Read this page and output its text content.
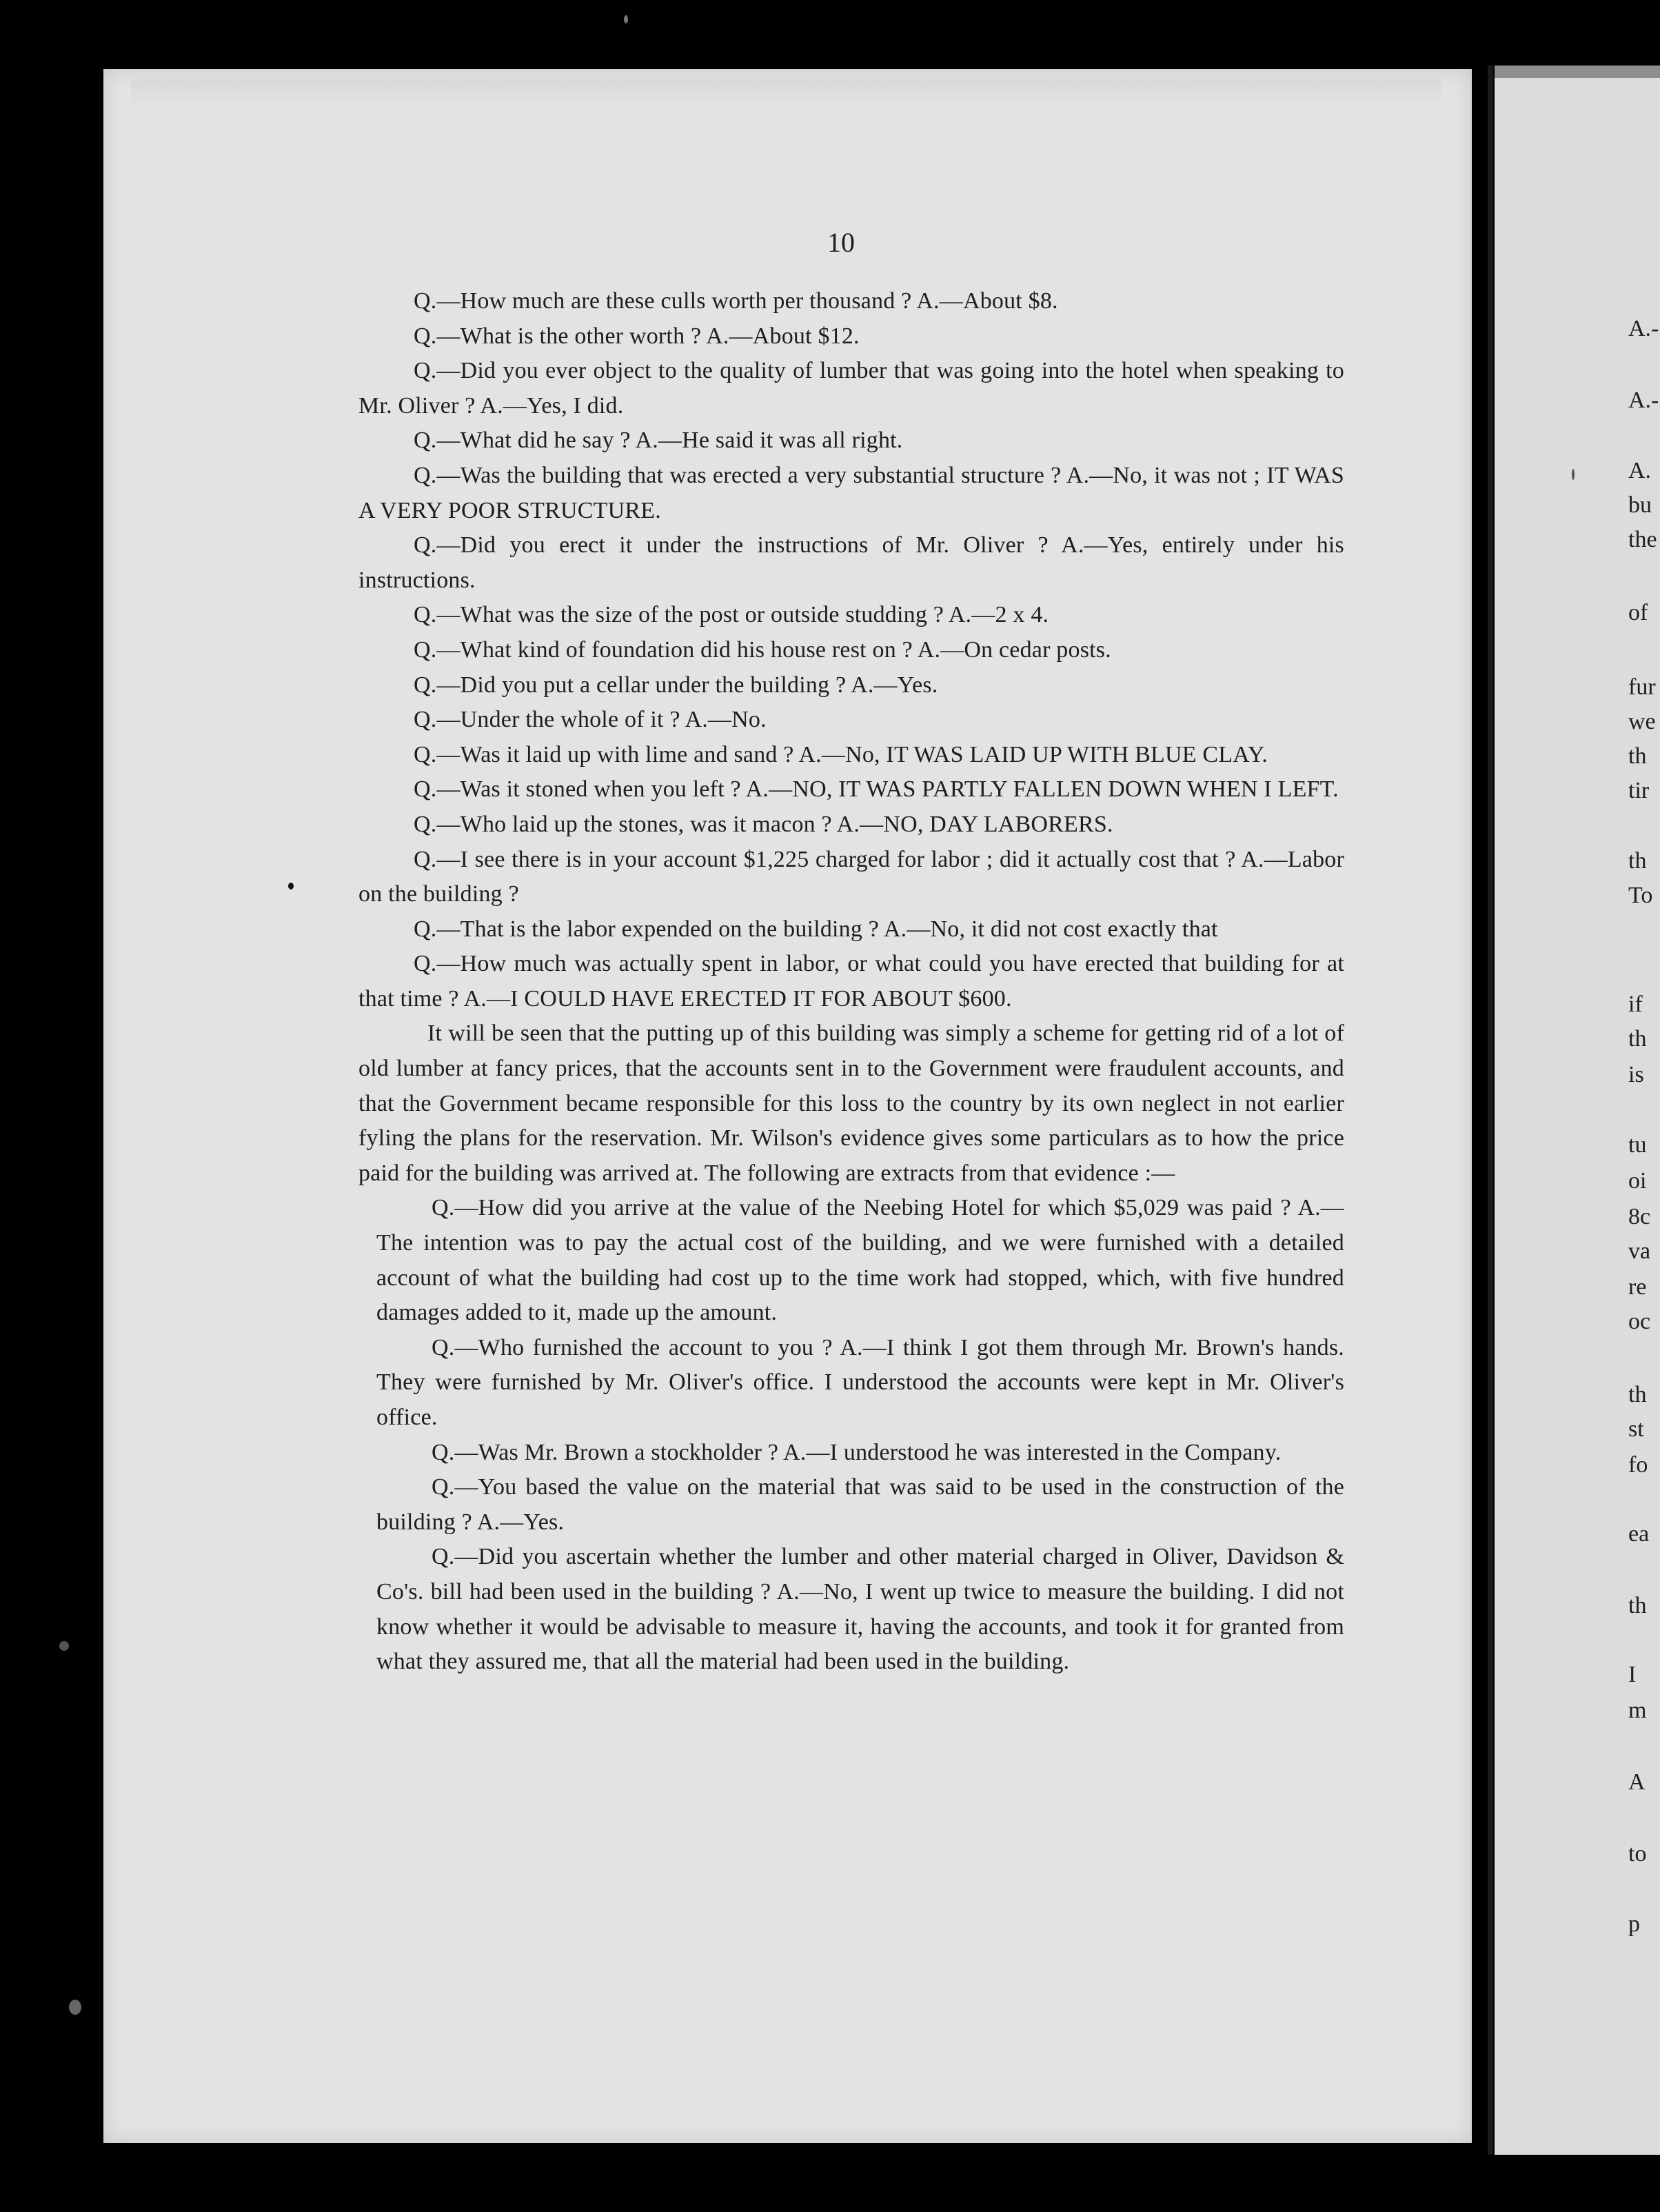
10

Q.—How much are these culls worth per thousand ? A.—About $8.

Q.—What is the other worth ? A.—About $12.

Q.—Did you ever object to the quality of lumber that was going into the hotel when speaking to Mr. Oliver ? A.—Yes, I did.

Q.—What did he say ? A.—He said it was all right.

Q.—Was the building that was erected a very substantial structure ? A.—No, it was not ; IT WAS A VERY POOR STRUCTURE.

Q.—Did you erect it under the instructions of Mr. Oliver ? A.—Yes, entirely under his instructions.

Q.—What was the size of the post or outside studding ? A.—2 x 4.

Q.—What kind of foundation did his house rest on ? A.—On cedar posts.

Q.—Did you put a cellar under the building ? A.—Yes.

Q.—Under the whole of it ? A.—No.

Q.—Was it laid up with lime and sand ? A.—No, IT WAS LAID UP WITH BLUE CLAY.

Q.—Was it stoned when you left ? A.—NO, IT WAS PARTLY FALLEN DOWN WHEN I LEFT.

Q.—Who laid up the stones, was it macon ? A.—NO, DAY LABORERS.

Q.—I see there is in your account $1,225 charged for labor ; did it actually cost that ? A.—Labor on the building ?

Q.—That is the labor expended on the building ? A.—No, it did not cost exactly that

Q.—How much was actually spent in labor, or what could you have erected that building for at that time ? A.—I COULD HAVE ERECTED IT FOR ABOUT $600.

It will be seen that the putting up of this building was simply a scheme for getting rid of a lot of old lumber at fancy prices, that the accounts sent in to the Government were fraudulent accounts, and that the Government became responsible for this loss to the country by its own neglect in not earlier fyling the plans for the reservation. Mr. Wilson's evidence gives some particulars as to how the price paid for the building was arrived at. The following are extracts from that evidence :—

Q.—How did you arrive at the value of the Neebing Hotel for which $5,029 was paid ? A.—The intention was to pay the actual cost of the building, and we were furnished with a detailed account of what the building had cost up to the time work had stopped, which, with five hundred damages added to it, made up the amount.

Q.—Who furnished the account to you ? A.—I think I got them through Mr. Brown's hands. They were furnished by Mr. Oliver's office. I understood the accounts were kept in Mr. Oliver's office.

Q.—Was Mr. Brown a stockholder ? A.—I understood he was interested in the Company.

Q.—You based the value on the material that was said to be used in the construction of the building ? A.—Yes.

Q.—Did you ascertain whether the lumber and other material charged in Oliver, Davidson & Co's. bill had been used in the building ? A.—No, I went up twice to measure the building. I did not know whether it would be advisable to measure it, having the accounts, and took it for granted from what they assured me, that all the material had been used in the building.

A.-
A.-
A.
bu
the
of
fur
we
th
tir
th
To
if
th
is
tu
oi
8c
va
re
oc
th
st
fo
ea
th
I
m
A
to
p
